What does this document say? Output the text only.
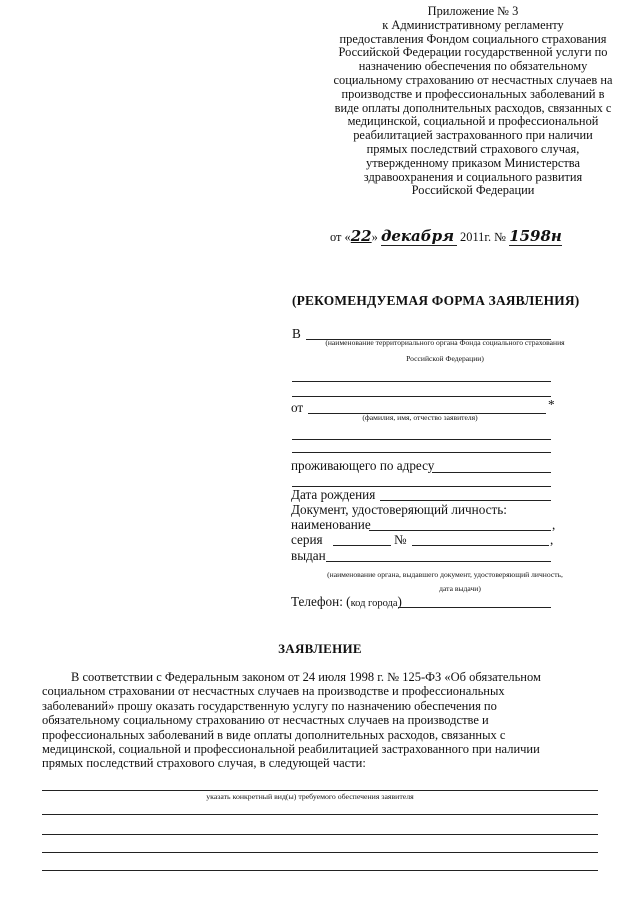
Приложение № 3
к Административному регламенту
предоставления Фондом социального страхования
Российской Федерации государственной услуги по
назначению обеспечения по обязательному
социальному страхованию от несчастных случаев на
производстве и профессиональных заболеваний в
виде оплаты дополнительных расходов, связанных с
медицинской, социальной и профессиональной
реабилитацией застрахованного при наличии
прямых последствий страхового случая,
утвержденному приказом Министерства
здравоохранения и социального развития
Российской Федерации
от «22» декабря 2011г. № 1598н
(РЕКОМЕНДУЕМАЯ ФОРМА ЗАЯВЛЕНИЯ)
В
(наименование территориального органа Фонда социального страхования
Российской Федерации)
от	*
(фамилия, имя, отчество заявителя)
проживающего по адресу
Дата рождения
Документ, удостоверяющий личность:
наименование	,
серия	№	,
выдан
(наименование органа, выдавшего документ, удостоверяющий личность,
дата выдачи)
Телефон: (код города)
ЗАЯВЛЕНИЕ
В соответствии с Федеральным законом от 24 июля 1998 г. № 125-ФЗ «Об обязательном
социальном страховании от несчастных случаев на производстве и профессиональных
заболеваний» прошу оказать государственную услугу по назначению обеспечения по
обязательному социальному страхованию от несчастных случаев на производстве и
профессиональных заболеваний в виде оплаты дополнительных расходов, связанных с
медицинской, социальной и профессиональной реабилитацией застрахованного при наличии
прямых последствий страхового случая, в следующей части:
указать конкретный вид(ы) требуемого обеспечения заявителя
